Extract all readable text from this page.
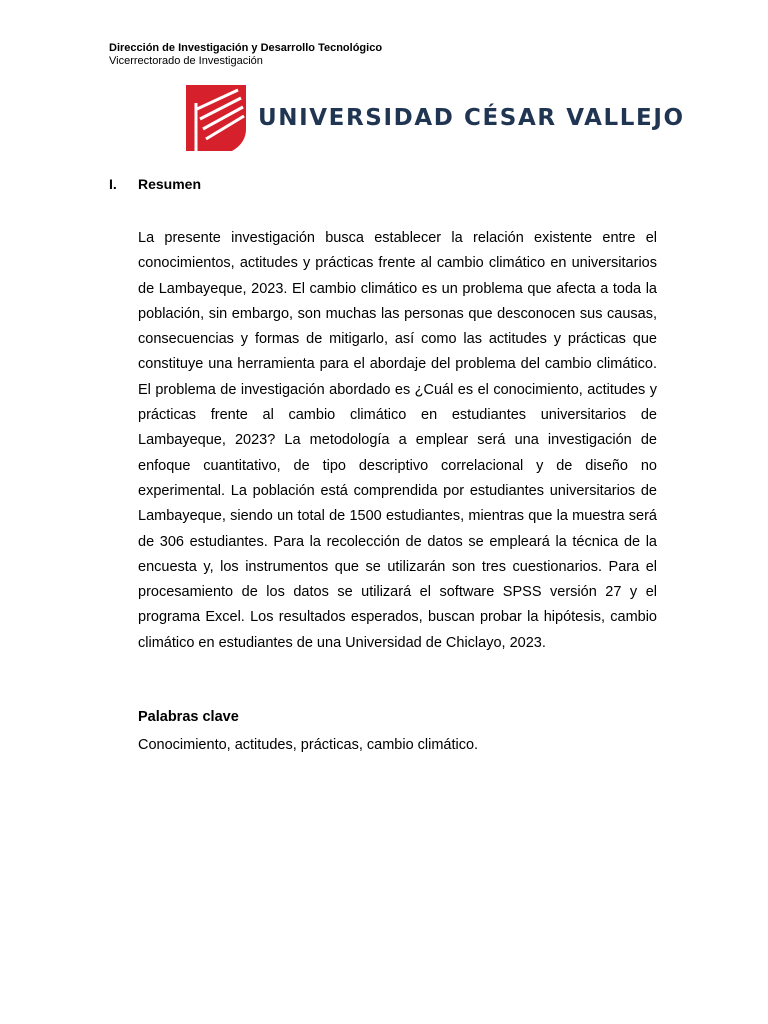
Dirección de Investigación y Desarrollo Tecnológico
Vicerrectorado de Investigación
UNIVERSIDAD CÉSAR VALLEJO
I.	Resumen

La presente investigación busca establecer la relación existente entre el conocimientos, actitudes y prácticas frente al cambio climático en universitarios de Lambayeque, 2023. El cambio climático es un problema que afecta a toda la población, sin embargo, son muchas las personas que desconocen sus causas, consecuencias y formas de mitigarlo, así como las actitudes y prácticas que constituye una herramienta para el abordaje del problema del cambio climático. El problema de investigación abordado es ¿Cuál es el conocimiento, actitudes y prácticas frente al cambio climático en estudiantes universitarios de Lambayeque, 2023? La metodología a emplear será una investigación de enfoque cuantitativo, de tipo descriptivo correlacional y de diseño no experimental. La población está comprendida por estudiantes universitarios de Lambayeque, siendo un total de 1500 estudiantes, mientras que la muestra será de 306 estudiantes. Para la recolección de datos se empleará la técnica de la encuesta y, los instrumentos que se utilizarán son tres cuestionarios. Para el procesamiento de los datos se utilizará el software SPSS versión 27 y el programa Excel. Los resultados esperados, buscan probar la hipótesis, cambio climático en estudiantes de una Universidad de Chiclayo, 2023.

Palabras clave
Conocimiento, actitudes, prácticas, cambio climático.
